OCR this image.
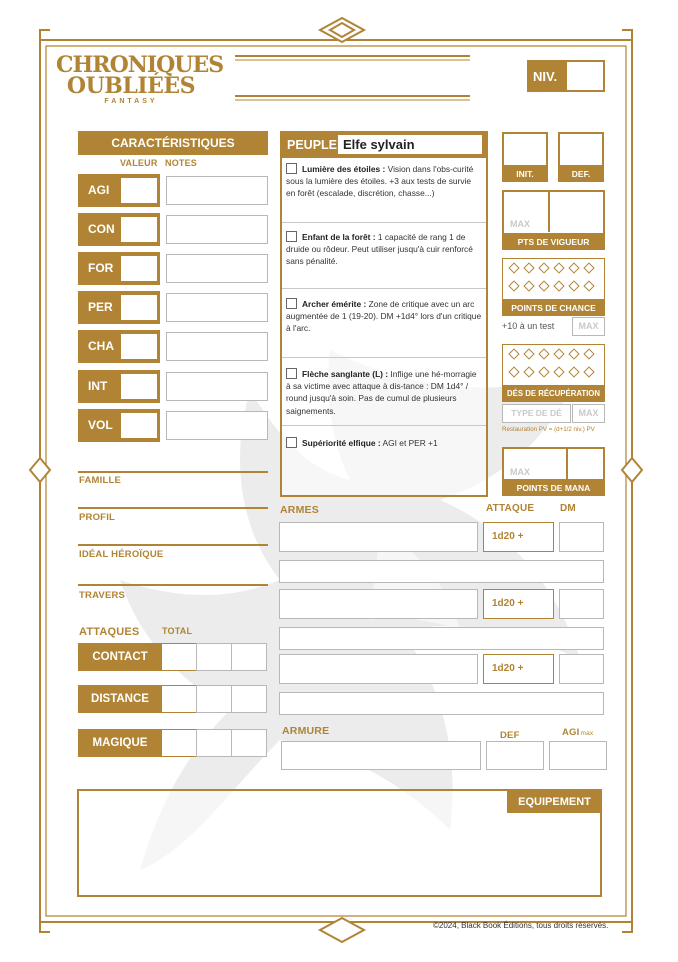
CHRONIQUES
OUBLIÉES
FANTASY
NIV.
CARACTÉRISTIQUES
VALEUR NOTES
AGI
CON
FOR
PER
CHA
INT
VOL
PEUPLE Elfe sylvain
Lumière des étoiles : Vision dans l'obs-curité sous la lumière des étoiles. +3 aux tests de survie en forêt (escalade, discrétion, chasse...)
Enfant de la forêt : 1 capacité de rang 1 de druide ou rôdeur. Peut utiliser jusqu'à cuir renforcé sans pénalité.
Archer émérite : Zone de critique avec un arc augmentée de 1 (19-20). DM +1d4° lors d'un critique à l'arc.
Flèche sanglante (L) : Inflige une hé-morragie à sa victime avec attaque à dis-tance : DM 1d4° / round jusqu'à soin. Pas de cumul de plusieurs saignements.
Supériorité elfique : AGI et PER +1
INIT.	DEF.
MAX
PTS DE VIGUEUR
POINTS DE CHANCE
+10 à un test	MAX
DÉS DE RÉCUPÉRATION
TYPE DE DÉ	MAX
Restauration PV = (d+1/2 niv.) PV
MAX
POINTS DE MANA
FAMILLE
PROFIL
IDÉAL HÉROÏQUE
TRAVERS
ATTAQUES	TOTAL
CONTACT
DISTANCE
MAGIQUE
ARMES	ATTAQUE	DM
1d20 +
1d20 +
1d20 +
ARMURE	DEF	AGImax
EQUIPEMENT
©2024, Black Book Éditions, tous droits réservés.
